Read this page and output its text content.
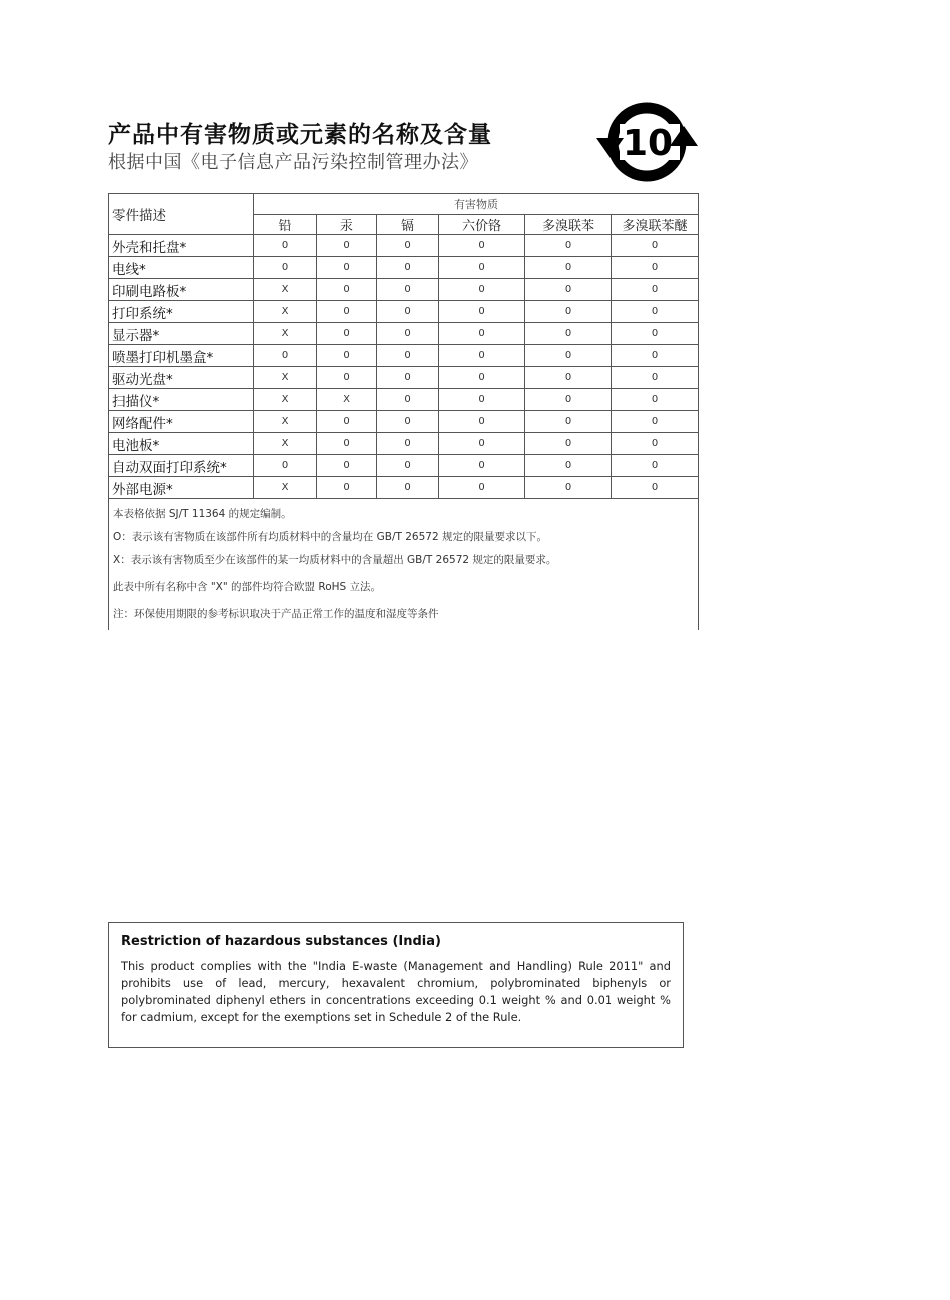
产品中有害物质或元素的名称及含量
根据中国《电子信息产品污染控制管理办法》	10
零件描述	有害物质					
	铅	汞	镉	六价铬	多溴联苯	多溴联苯醚
外壳和托盘*	0	0	0	0	0	0
电线*	0	0	0	0	0	0
印刷电路板*	X	0	0	0	0	0
打印系统*	X	0	0	0	0	0
显示器*	X	0	0	0	0	0
喷墨打印机墨盒*	0	0	0	0	0	0
驱动光盘*	X	0	0	0	0	0
扫描仪*	X	X	0	0	0	0
网络配件*	X	0	0	0	0	0
电池板*	X	0	0	0	0	0
自动双面打印系统*	0	0	0	0	0	0
外部电源*	X	0	0	0	0	0

本表格依据 SJ/T 11364 的规定编制。
O：表示该有害物质在该部件所有均质材料中的含量均在 GB/T 26572 规定的限量要求以下。
X：表示该有害物质至少在该部件的某一均质材料中的含量超出 GB/T 26572 规定的限量要求。
此表中所有名称中含 "X" 的部件均符合欧盟 RoHS 立法。
注：环保使用期限的参考标识取决于产品正常工作的温度和湿度等条件						
Restriction of hazardous substances (India)
This product complies with the "India E-waste (Management and Handling) Rule 2011" and prohibits use of lead, mercury, hexavalent chromium, polybrominated biphenyls or polybrominated diphenyl ethers in concentrations exceeding 0.1 weight % and 0.01 weight % for cadmium, except for the exemptions set in Schedule 2 of the Rule.
